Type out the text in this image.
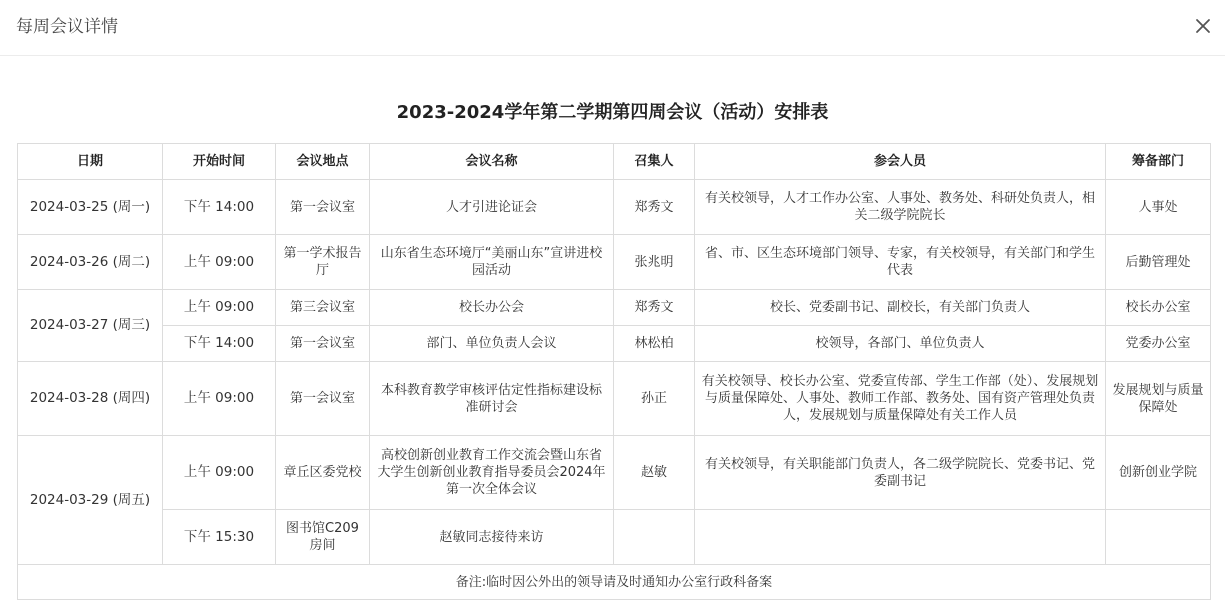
每周会议详情
2023-2024学年第二学期第四周会议（活动）安排表
日期	开始时间	会议地点	会议名称	召集人	参会人员	筹备部门
2024-03-25 (周一)	下午 14:00	第一会议室	人才引进论证会	郑秀文	有关校领导，人才工作办公室、人事处、教务处、科研处负责人，相关二级学院院长	人事处
2024-03-26 (周二)	上午 09:00	第一学术报告厅	山东省生态环境厅“美丽山东”宣讲进校园活动	张兆明	省、市、区生态环境部门领导、专家，有关校领导，有关部门和学生代表	后勤管理处
2024-03-27 (周三)	上午 09:00	第三会议室	校长办公会	郑秀文	校长、党委副书记、副校长，有关部门负责人	校长办公室
	下午 14:00	第一会议室	部门、单位负责人会议	林松柏	校领导，各部门、单位负责人	党委办公室
2024-03-28 (周四)	上午 09:00	第一会议室	本科教育教学审核评估定性指标建设标准研讨会	孙正	有关校领导、校长办公室、党委宣传部、学生工作部（处）、发展规划与质量保障处、人事处、教师工作部、教务处、国有资产管理处负责人，发展规划与质量保障处有关工作人员	发展规划与质量保障处
2024-03-29 (周五)	上午 09:00	章丘区委党校	高校创新创业教育工作交流会暨山东省大学生创新创业教育指导委员会2024年第一次全体会议	赵敏	有关校领导，有关职能部门负责人，各二级学院院长、党委书记、党委副书记	创新创业学院
	下午 15:30	图书馆C209房间	赵敏同志接待来访			
备注:临时因公外出的领导请及时通知办公室行政科备案						
